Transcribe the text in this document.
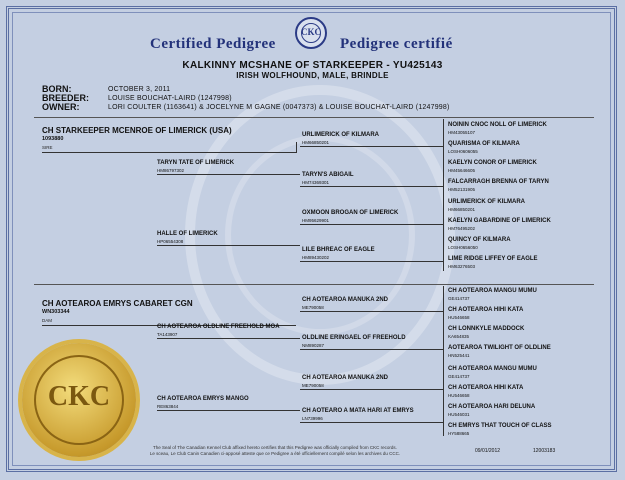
Certified Pedigree
CKC
Pedigree certifié
KALKINNY MCSHANE OF STARKEEPER - YU425143
IRISH WOLFHOUND, MALE, BRINDLE
BORN:	OCTOBER 3, 2011
BREEDER:	LOUISE BOUCHAT-LAIRD (1247998)
OWNER:	LORI COULTER (1163641) & JOCELYNE M GAGNE (0047373) & LOUISE BOUCHAT-LAIRD (1247998)
CH STARKEEPER MCENROE OF LIMERICK (USA)
1093880
SIRE
TARYN TATE OF LIMERICK
HM86797302
HALLE OF LIMERICK
HP06554308
URLIMERICK OF KILMARA
HM66850201
TARYN'S ABIGAIL
HM74369301
OXMOON BROGAN OF LIMERICK
HM95629901
LILE BHREAC OF EAGLE
HM89430202
NOININ CNOC NOLL OF LIMERICK
HM43055107
QUARISMA OF KILMARA
LOSH0606055
KAELYN CONOR OF LIMERICK
HM45646605
FALCARRAGH BRENNA OF TARYN
HM52131905
URLIMERICK OF KILMARA
HM66850201
KAELYN GABARDINE OF LIMERICK
HM76495202
QUINCY OF KILMARA
LOSH0656050
LIME RIDGE LIFFEY OF EAGLE
HM63276503
CH AOTEAROA EMRYS CABARET CGN
WN303344
DAM
CH AOTEAROA OLDLINE FREEHOLD MOA
TA143907
CH AOTEAROA EMRYS MANGO
RE863844
CH AOTEAROA MANUKA 2ND
ME790058
OLDLINE ERINGAEL OF FREEHOLD
NM890287
CH AOTEAROA MANUKA 2ND
ME790058
CH AOTEARO A MATA HARI AT EMRYS
LN739996
CH AOTEAROA MANGU MUMU
GE414737
CH AOTEAROA HIHI KATA
HU546658
CH LONNKYLE MADDOCK
KA654835
AOTEAROA TWILIGHT OF OLDLINE
HN525441
CH AOTEAROA MANGU MUMU
GE414737
CH AOTEAROA HIHI KATA
HU546658
CH AOTEAROA HARI DELUNA
HU546031
CH EMRYS THAT TOUCH OF CLASS
HY588665
CKC
The Seal of The Canadian Kennel Club affixed hereto certifies that this Pedigree was officially compiled from CKC records.
Le sceau, Le Club Canin Canadien ci-apposé atteste que ce Pedigree a été officiellement compilé selon les archives du CCC.	09/01/2012	12003183
